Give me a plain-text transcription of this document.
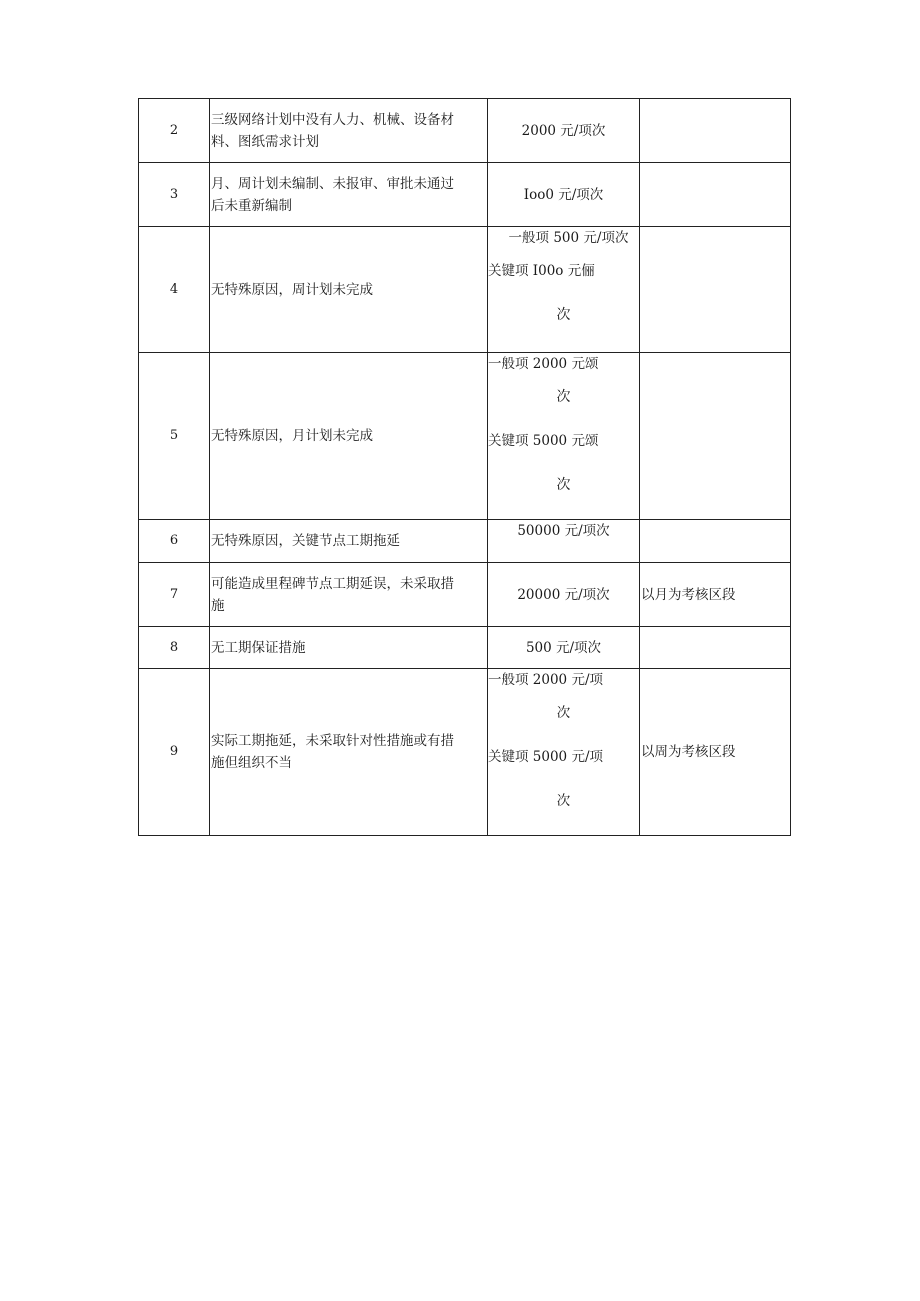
2	三级网络计划中没有人力、机械、设备材
料、图纸需求计划	2000 元/项次	

3	月、周计划未编制、未报审、审批未通过
后未重新编制	Ioo0 元/项次	

4	无特殊原因，周计划未完成	一般项 500 元/项次
关键项 I00o 元俪
次	

5	无特殊原因，月计划未完成	一般项 2000 元颂
次
关键项 5000 元颂
次	

6	无特殊原因，关键节点工期拖延	50000 元/项次	

7	可能造成里程碑节点工期延误，未采取措
施	20000 元/项次	以月为考核区段
8	无工期保证措施	500 元/项次	

9	实际工期拖延，未采取针对性措施或有措
施但组织不当	一般项 2000 元/项
次
关键项 5000 元/项
次	以周为考核区段
